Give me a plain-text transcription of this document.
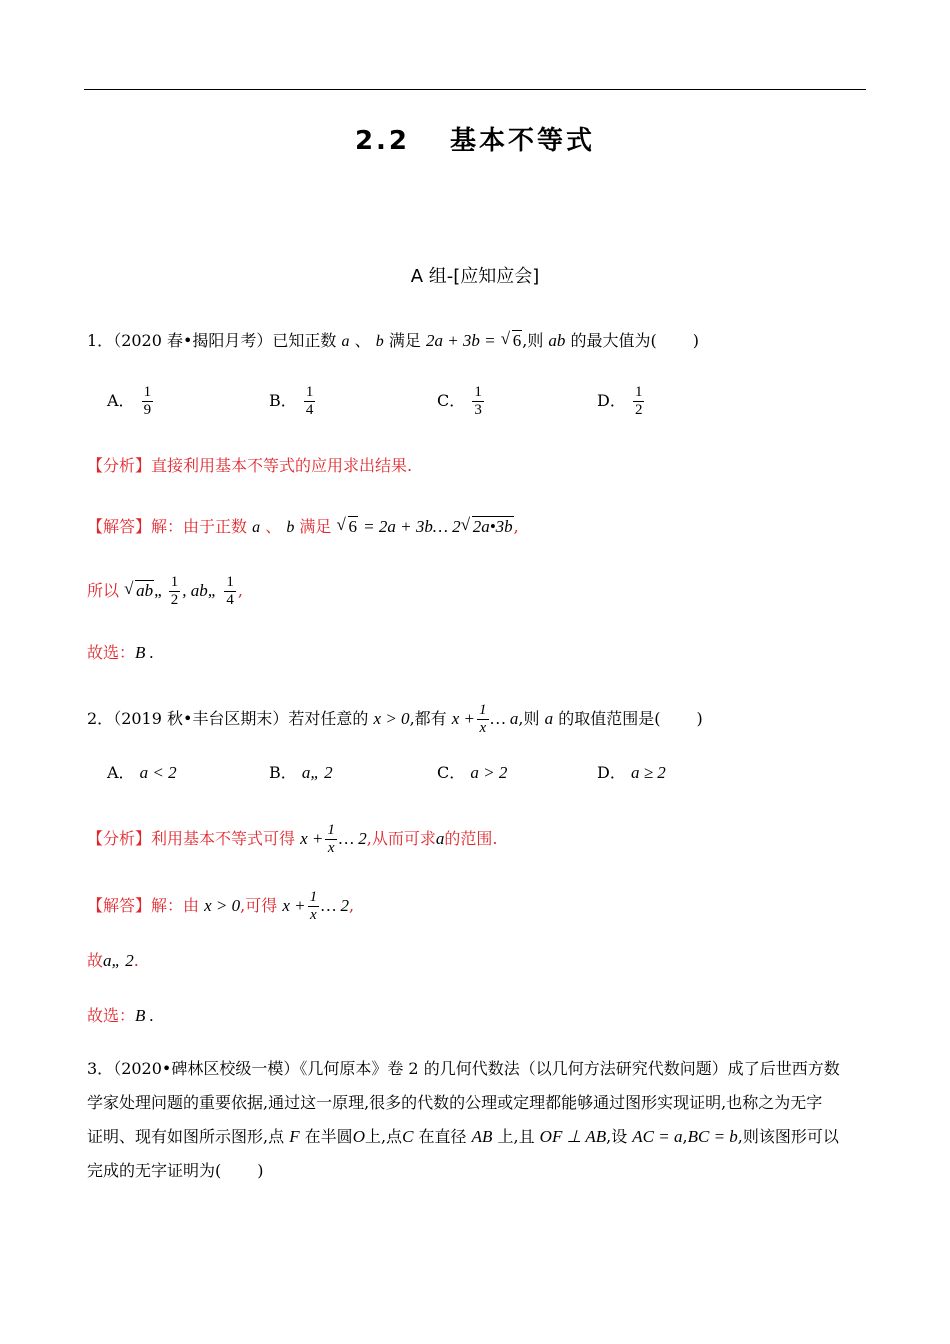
2.2 基本不等式
A 组-[应知应会]
1．（2020 春•揭阳月考）已知正数 a 、 b 满足 2a + 3b = √ 6,则 ab 的最大值为( )
A． $\frac{1}{9}$	B． $\frac{1}{4}$	C． $\frac{1}{3}$	D． $\frac{1}{2}$
【分析】直接利用基本不等式的应用求出结果.
【解答】解：由于正数 a 、 b 满足 √ 6 = 2a + 3b… 2 √ 2a•3b,
所以 √ ab„ $\frac{1}{2}$ , ab„ $\frac{1}{4}$ ,
故选：B .
2．（2019 秋•丰台区期末）若对任意的 x > 0,都有 $x + \frac{1}{x}$ … a,则 a 的取值范围是( )
A． a < 2	B． a„ 2	C． a > 2	D． a ≥ 2
【分析】利用基本不等式可得 $x + \frac{1}{x}$ … 2,从而可求a的范围.
【解答】解：由 x > 0,可得 $x + \frac{1}{x}$ … 2,
故a„ 2.
故选：B .
3．（2020•碑林区校级一模）《几何原本》卷 2 的几何代数法（以几何方法研究代数问题）成了后世西方数
学家处理问题的重要依据,通过这一原理,很多的代数的公理或定理都能够通过图形实现证明,也称之为无字
证明、现有如图所示图形,点 F 在半圆O上,点C 在直径 AB 上,且 OF ⊥ AB,设 AC = a,BC = b,则该图形可以
完成的无字证明为( )
